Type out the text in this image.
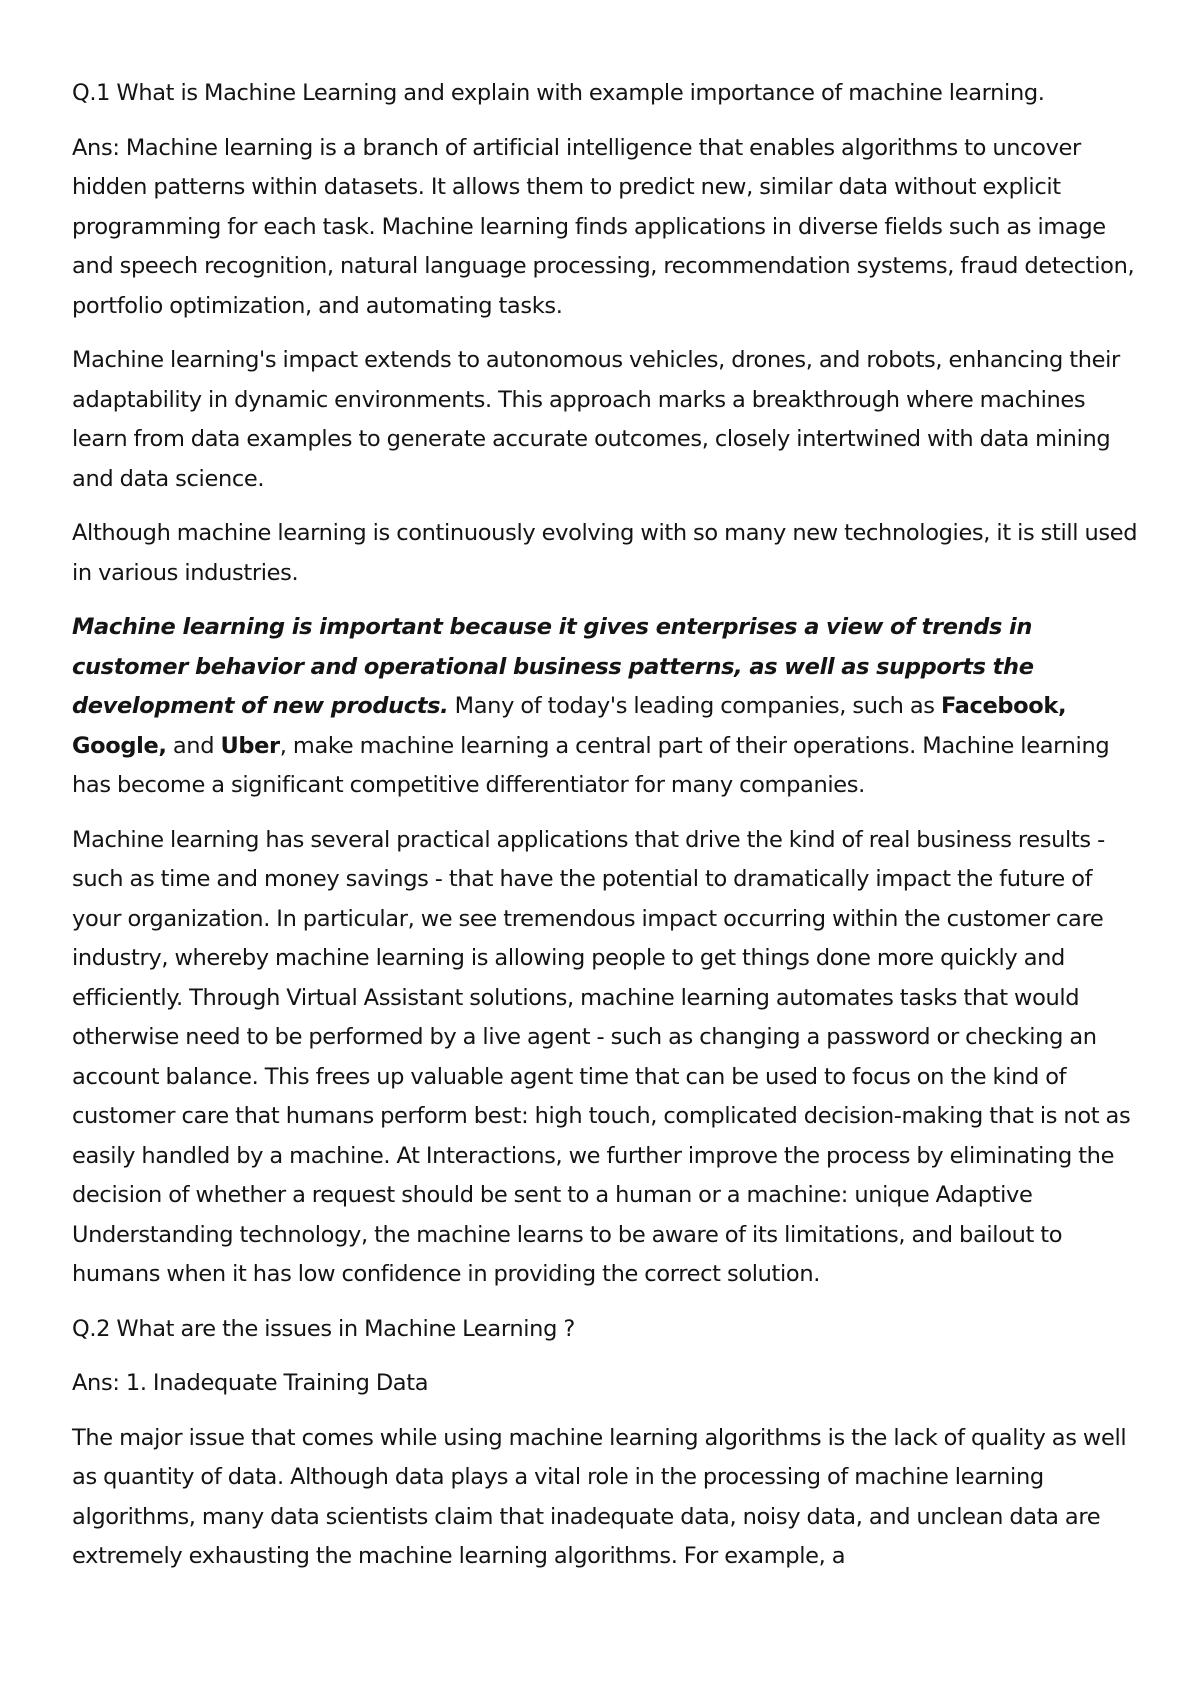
Q.1 What is Machine Learning and explain with example importance of machine learning.

Ans: Machine learning is a branch of artificial intelligence that enables algorithms to uncover hidden patterns within datasets. It allows them to predict new, similar data without explicit programming for each task. Machine learning finds applications in diverse fields such as image and speech recognition, natural language processing, recommendation systems, fraud detection, portfolio optimization, and automating tasks.

Machine learning's impact extends to autonomous vehicles, drones, and robots, enhancing their adaptability in dynamic environments. This approach marks a breakthrough where machines learn from data examples to generate accurate outcomes, closely intertwined with data mining and data science.

Although machine learning is continuously evolving with so many new technologies, it is still used in various industries.

Machine learning is important because it gives enterprises a view of trends in customer behavior and operational business patterns, as well as supports the development of new products. Many of today's leading companies, such as Facebook, Google, and Uber, make machine learning a central part of their operations. Machine learning has become a significant competitive differentiator for many companies.

Machine learning has several practical applications that drive the kind of real business results - such as time and money savings - that have the potential to dramatically impact the future of your organization. In particular, we see tremendous impact occurring within the customer care industry, whereby machine learning is allowing people to get things done more quickly and efficiently. Through Virtual Assistant solutions, machine learning automates tasks that would otherwise need to be performed by a live agent - such as changing a password or checking an account balance. This frees up valuable agent time that can be used to focus on the kind of customer care that humans perform best: high touch, complicated decision-making that is not as easily handled by a machine. At Interactions, we further improve the process by eliminating the decision of whether a request should be sent to a human or a machine: unique Adaptive Understanding technology, the machine learns to be aware of its limitations, and bailout to humans when it has low confidence in providing the correct solution.

Q.2 What are the issues in Machine Learning ?

Ans: 1. Inadequate Training Data

The major issue that comes while using machine learning algorithms is the lack of quality as well as quantity of data. Although data plays a vital role in the processing of machine learning algorithms, many data scientists claim that inadequate data, noisy data, and unclean data are extremely exhausting the machine learning algorithms. For example, a
